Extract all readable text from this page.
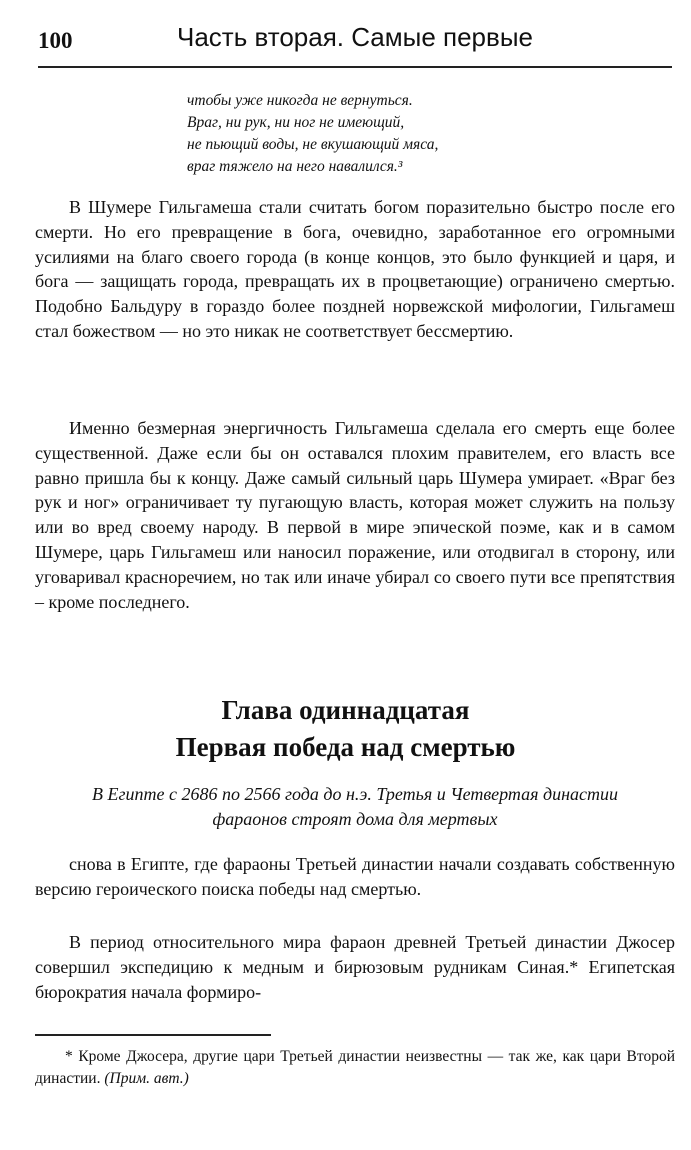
100	Часть вторая. Самые первые
чтобы уже никогда не вернуться.
Враг, ни рук, ни ног не имеющий,
не пьющий воды, не вкушающий мяса,
враг тяжело на него навалился.³

В Шумере Гильгамеша стали считать богом поразительно быстро после его смерти. Но его превращение в бога, очевидно, заработанное его огромными усилиями на благо своего города (в конце концов, это было функцией и царя, и бога — защищать города, превращать их в процветающие) ограничено смертью. Подобно Бальдуру в гораздо более поздней норвежской мифологии, Гильгамеш стал божеством — но это никак не соответствует бессмертию.

Именно безмерная энергичность Гильгамеша сделала его смерть еще более существенной. Даже если бы он оставался плохим правителем, его власть все равно пришла бы к концу. Даже самый сильный царь Шумера умирает. «Враг без рук и ног» ограничивает ту пугающую власть, которая может служить на пользу или во вред своему народу. В первой в мире эпической поэме, как и в самом Шумере, царь Гильгамеш или наносил поражение, или отодвигал в сторону, или уговаривал красноречием, но так или иначе убирал со своего пути все препятствия – кроме последнего.

Глава одиннадцатая
Первая победа над смертью
В Египте с 2686 по 2566 года до н.э. Третья и Четвертая династии фараонов строят дома для мертвых

снова в Египте, где фараоны Третьей династии начали создавать собственную версию героического поиска победы над смертью.

В период относительного мира фараон древней Третьей династии Джосер совершил экспедицию к медным и бирюзовым рудникам Синая.* Египетская бюрократия начала формиро-

* Кроме Джосера, другие цари Третьей династии неизвестны — так же, как цари Второй династии. (Прим. авт.)
